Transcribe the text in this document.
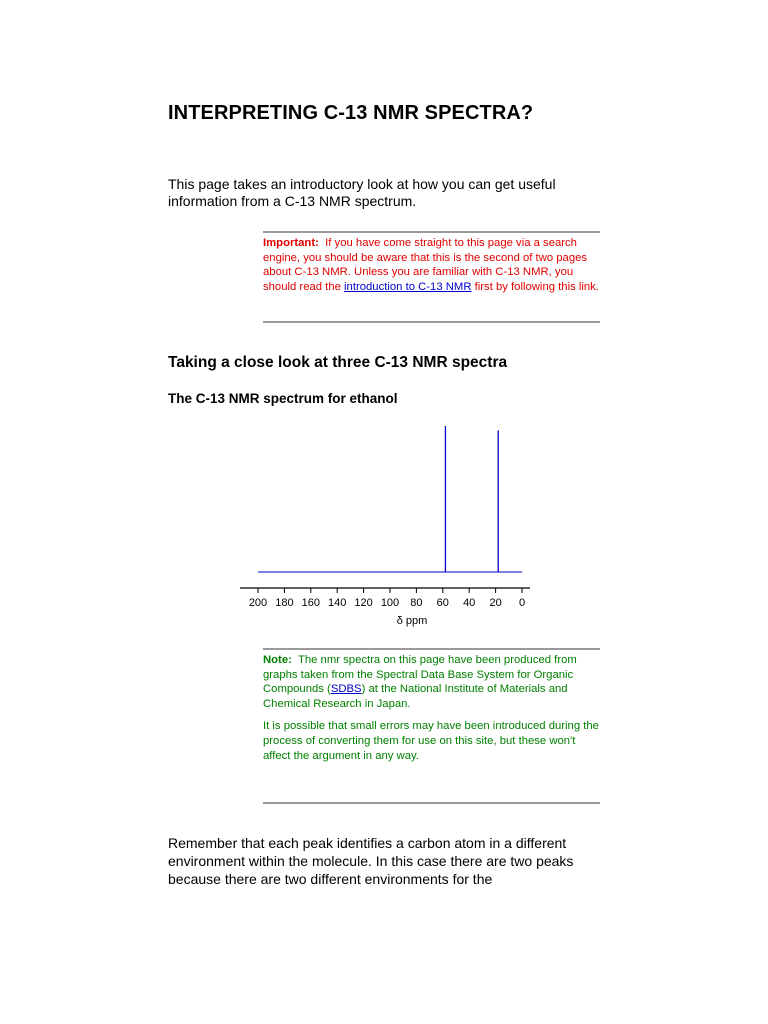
INTERPRETING C-13 NMR SPECTRA?

This page takes an introductory look at how you can get useful information from a C-13 NMR spectrum.

Important: If you have come straight to this page via a search engine, you should be aware that this is the second of two pages about C-13 NMR. Unless you are familiar with C-13 NMR, you should read the introduction to C-13 NMR first by following this link.

Taking a close look at three C-13 NMR spectra
The C-13 NMR spectrum for ethanol
200 180 160 140 120 100 80 60 40 20 0
δ ppm

Note: The nmr spectra on this page have been produced from graphs taken from the Spectral Data Base System for Organic Compounds (SDBS) at the National Institute of Materials and Chemical Research in Japan.

It is possible that small errors may have been introduced during the process of converting them for use on this site, but these won't affect the argument in any way.

Remember that each peak identifies a carbon atom in a different environment within the molecule. In this case there are two peaks because there are two different environments for the
